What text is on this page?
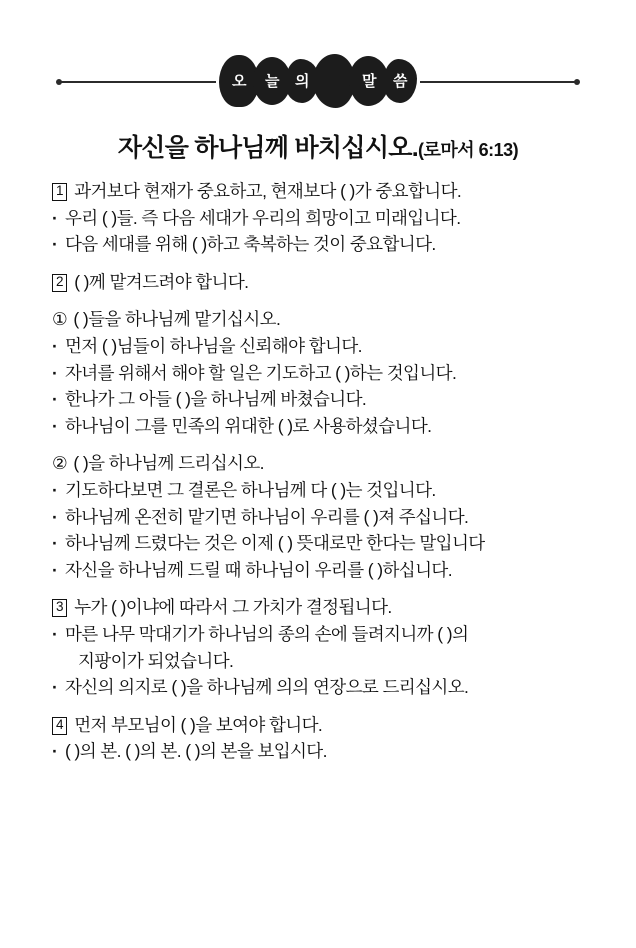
오 늘 의	말 씀
자신을 하나님께 바치십시오.(로마서 6:13)

1 과거보다 현재가 중요하고, 현재보다 ( )가 중요합니다.

·우리 ( )들. 즉 다음 세대가 우리의 희망이고 미래입니다.

·다음 세대를 위해 ( )하고 축복하는 것이 중요합니다.

2 ( )께 맡겨드려야 합니다.

① ( )들을 하나님께 맡기십시오.

·먼저 ( )님들이 하나님을 신뢰해야 합니다.

·자녀를 위해서 해야 할 일은 기도하고 ( )하는 것입니다.

·한나가 그 아들 ( )을 하나님께 바쳤습니다.

·하나님이 그를 민족의 위대한 ( )로 사용하셨습니다.

② ( )을 하나님께 드리십시오.

·기도하다보면 그 결론은 하나님께 다 ( )는 것입니다.

·하나님께 온전히 맡기면 하나님이 우리를 ( )져 주십니다.

·하나님께 드렸다는 것은 이제 ( ) 뜻대로만 한다는 말입니다

·자신을 하나님께 드릴 때 하나님이 우리를 ( )하십니다.

3 누가 ( )이냐에 따라서 그 가치가 결정됩니다.

·마른 나무 막대기가 하나님의 종의 손에 들려지니까 ( )의

지팡이가 되었습니다.

·자신의 의지로 ( )을 하나님께 의의 연장으로 드리십시오.

4 먼저 부모님이 ( )을 보여야 합니다.

·( )의 본. ( )의 본. ( )의 본을 보입시다.
